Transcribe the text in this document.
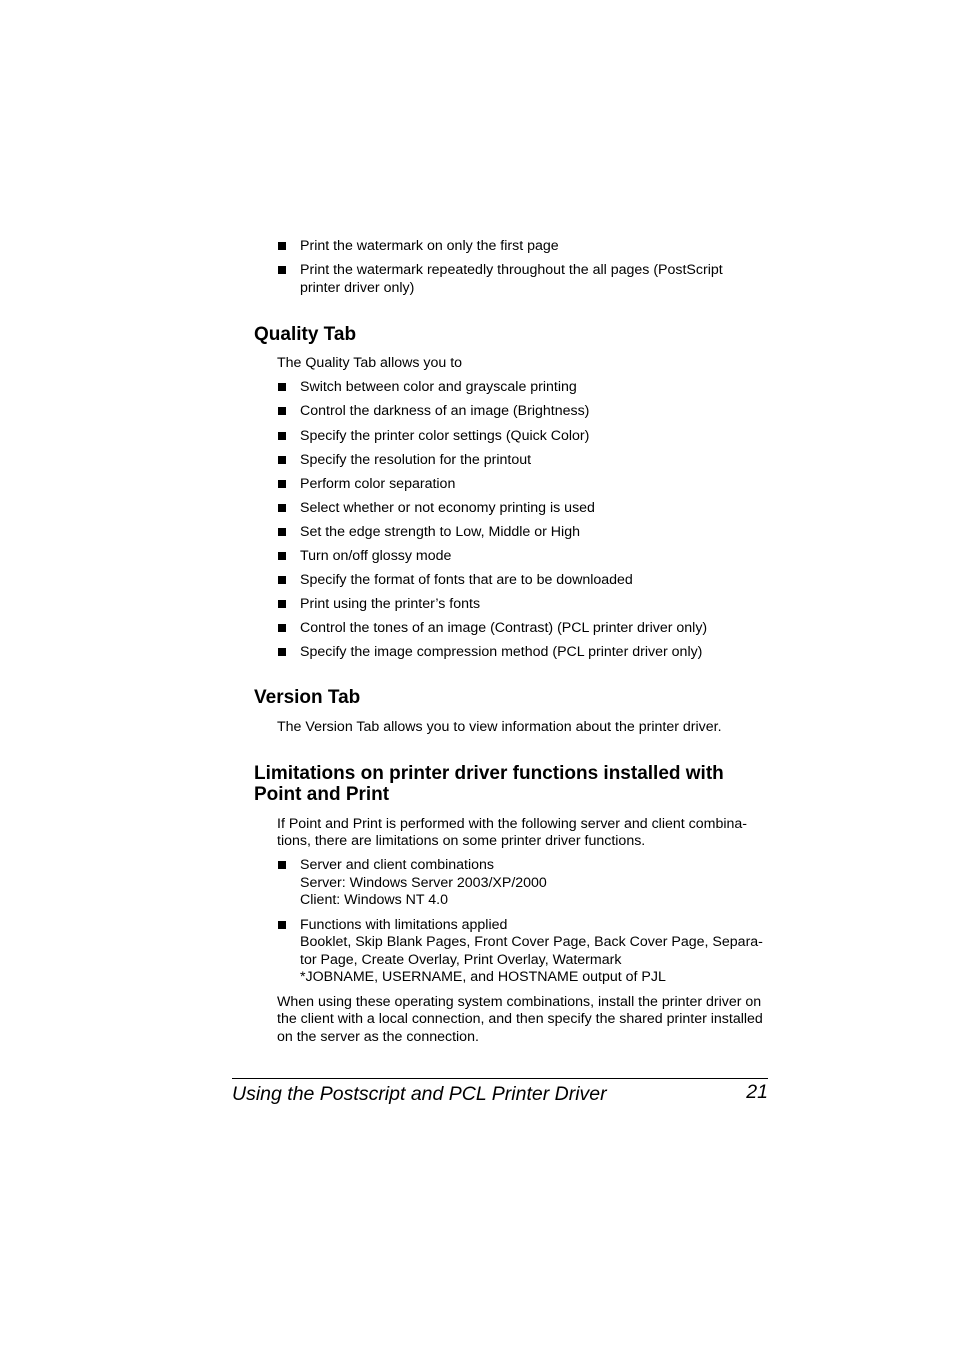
Print the watermark on only the first page
Print the watermark repeatedly throughout the all pages (PostScript
printer driver only)
Quality Tab
The Quality Tab allows you to
Switch between color and grayscale printing
Control the darkness of an image (Brightness)
Specify the printer color settings (Quick Color)
Specify the resolution for the printout
Perform color separation
Select whether or not economy printing is used
Set the edge strength to Low, Middle or High
Turn on/off glossy mode
Specify the format of fonts that are to be downloaded
Print using the printer’s fonts
Control the tones of an image (Contrast) (PCL printer driver only)
Specify the image compression method (PCL printer driver only)
Version Tab
The Version Tab allows you to view information about the printer driver.
Limitations on printer driver functions installed with
Point and Print
If Point and Print is performed with the following server and client combina-
tions, there are limitations on some printer driver functions.
Server and client combinations
Server: Windows Server 2003/XP/2000
Client: Windows NT 4.0
Functions with limitations applied
Booklet, Skip Blank Pages, Front Cover Page, Back Cover Page, Separa-
tor Page, Create Overlay, Print Overlay, Watermark
*JOBNAME, USERNAME, and HOSTNAME output of PJL
When using these operating system combinations, install the printer driver on
the client with a local connection, and then specify the shared printer installed
on the server as the connection.
Using the Postscript and PCL Printer Driver	21
